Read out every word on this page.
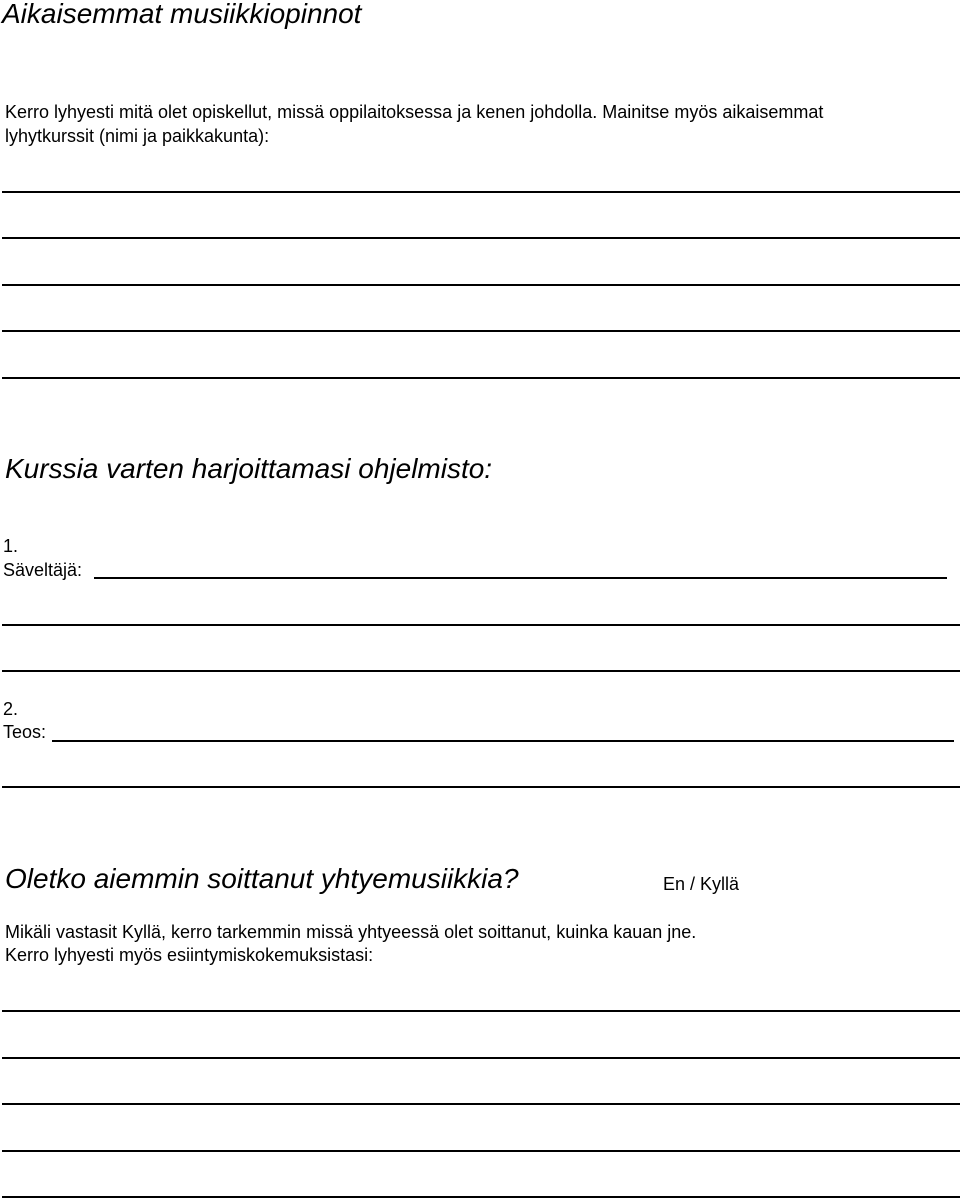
Aikaisemmat musiikkiopinnot
Kerro lyhyesti mitä olet opiskellut, missä oppilaitoksessa ja kenen johdolla. Mainitse myös aikaisemmat
lyhytkurssit (nimi ja paikkakunta):
Kurssia varten harjoittamasi ohjelmisto:
1.
Säveltäjä:
2.
Teos:
Oletko aiemmin soittanut yhtyemusiikkia?	En / Kyllä
Mikäli vastasit Kyllä, kerro tarkemmin missä yhtyeessä olet soittanut, kuinka kauan jne.
Kerro lyhyesti myös esiintymiskokemuksistasi:
